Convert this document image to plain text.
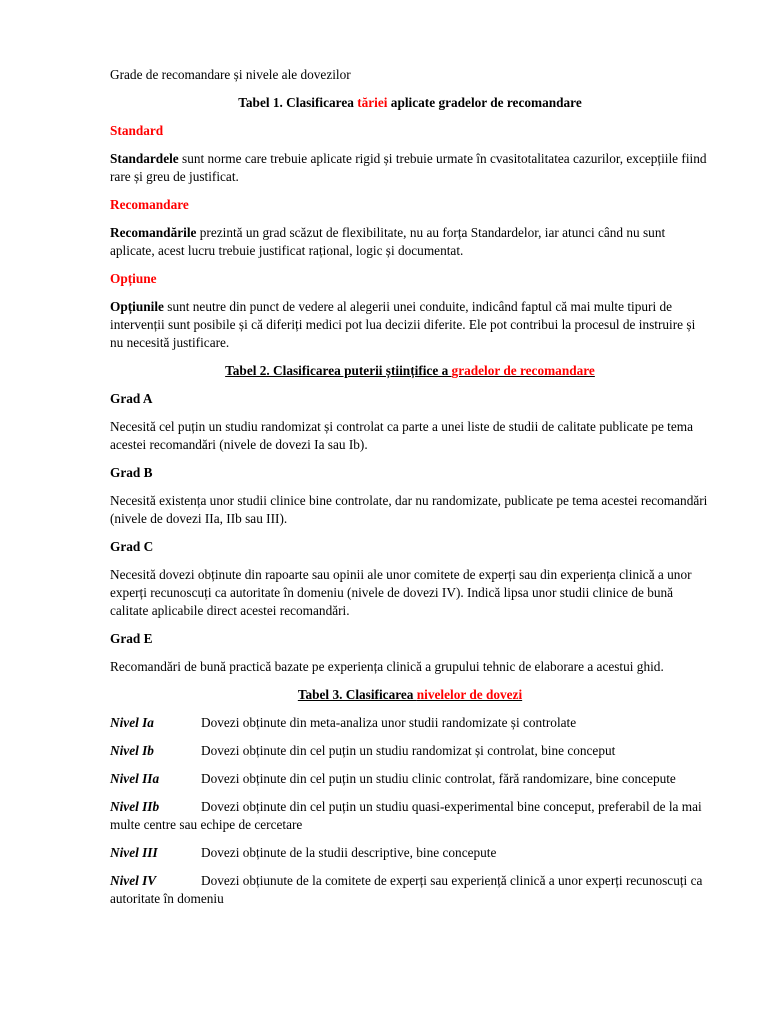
Grade de recomandare și nivele ale dovezilor

Tabel 1. Clasificarea tăriei aplicate gradelor de recomandare

Standard

Standardele sunt norme care trebuie aplicate rigid și trebuie urmate în cvasitotalitatea cazurilor, excepțiile fiind rare și greu de justificat.

Recomandare

Recomandările prezintă un grad scăzut de flexibilitate, nu au forța Standardelor, iar atunci când nu sunt aplicate, acest lucru trebuie justificat rațional, logic și documentat.

Opțiune

Opțiunile sunt neutre din punct de vedere al alegerii unei conduite, indicând faptul că mai multe tipuri de intervenții sunt posibile și că diferiți medici pot lua decizii diferite. Ele pot contribui la procesul de instruire și nu necesită justificare.

Tabel 2. Clasificarea puterii științifice a gradelor de recomandare

Grad A

Necesită cel puțin un studiu randomizat și controlat ca parte a unei liste de studii de calitate publicate pe tema acestei recomandări (nivele de dovezi Ia sau Ib).

Grad B

Necesită existența unor studii clinice bine controlate, dar nu randomizate, publicate pe tema acestei recomandări (nivele de dovezi IIa, IIb sau III).

Grad C

Necesită dovezi obținute din rapoarte sau opinii ale unor comitete de experți sau din experiența clinică a unor experți recunoscuți ca autoritate în domeniu (nivele de dovezi IV). Indică lipsa unor studii clinice de bună calitate aplicabile direct acestei recomandări.

Grad E

Recomandări de bună practică bazate pe experiența clinică a grupului tehnic de elaborare a acestui ghid.

Tabel 3. Clasificarea nivelelor de dovezi

Nivel Ia	Dovezi obținute din meta-analiza unor studii randomizate și controlate

Nivel Ib	Dovezi obținute din cel puțin un studiu randomizat și controlat, bine conceput

Nivel IIa	Dovezi obținute din cel puțin un studiu clinic controlat, fără randomizare, bine concepute

Nivel IIb	Dovezi obținute din cel puțin un studiu quasi-experimental bine conceput, preferabil de la mai multe centre sau echipe de cercetare

Nivel III	Dovezi obținute de la studii descriptive, bine concepute

Nivel IV	Dovezi obțiunute de la comitete de experți sau experiență clinică a unor experți recunoscuți ca autoritate în domeniu
